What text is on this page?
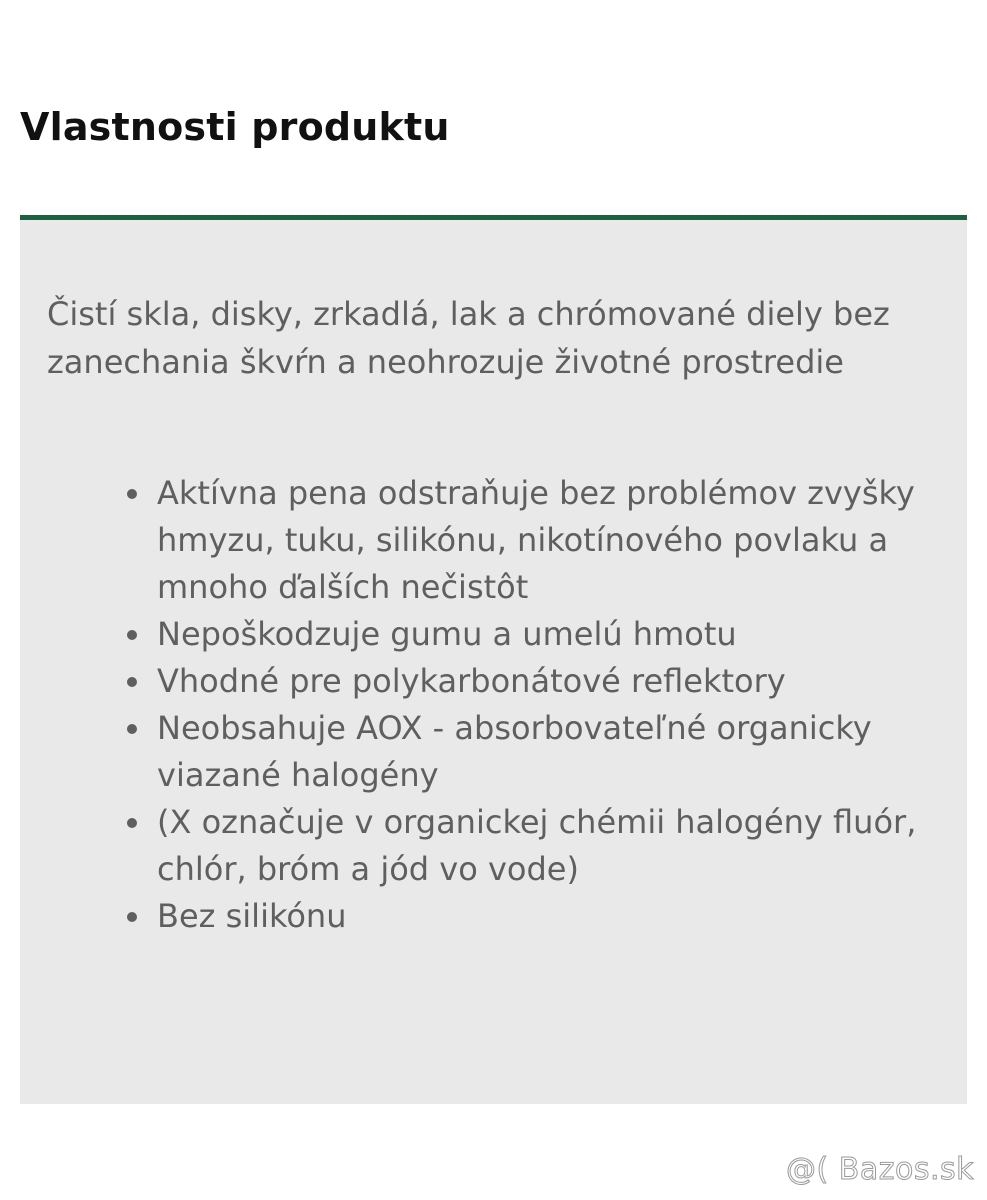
Vlastnosti produktu

Čistí skla, disky, zrkadlá, lak a chrómované diely bez zanechania škvŕn a neohrozuje životné prostredie

Aktívna pena odstraňuje bez problémov zvyšky hmyzu, tuku, silikónu, nikotínového povlaku a mnoho ďalších nečistôt
Nepoškodzuje gumu a umelú hmotu
Vhodné pre polykarbonátové reflektory
Neobsahuje AOX - absorbovateľné organicky viazané halogény
(X označuje v organickej chémii halogény fluór, chlór, bróm a jód vo vode)
Bez silikónu
@( Bazos.sk
